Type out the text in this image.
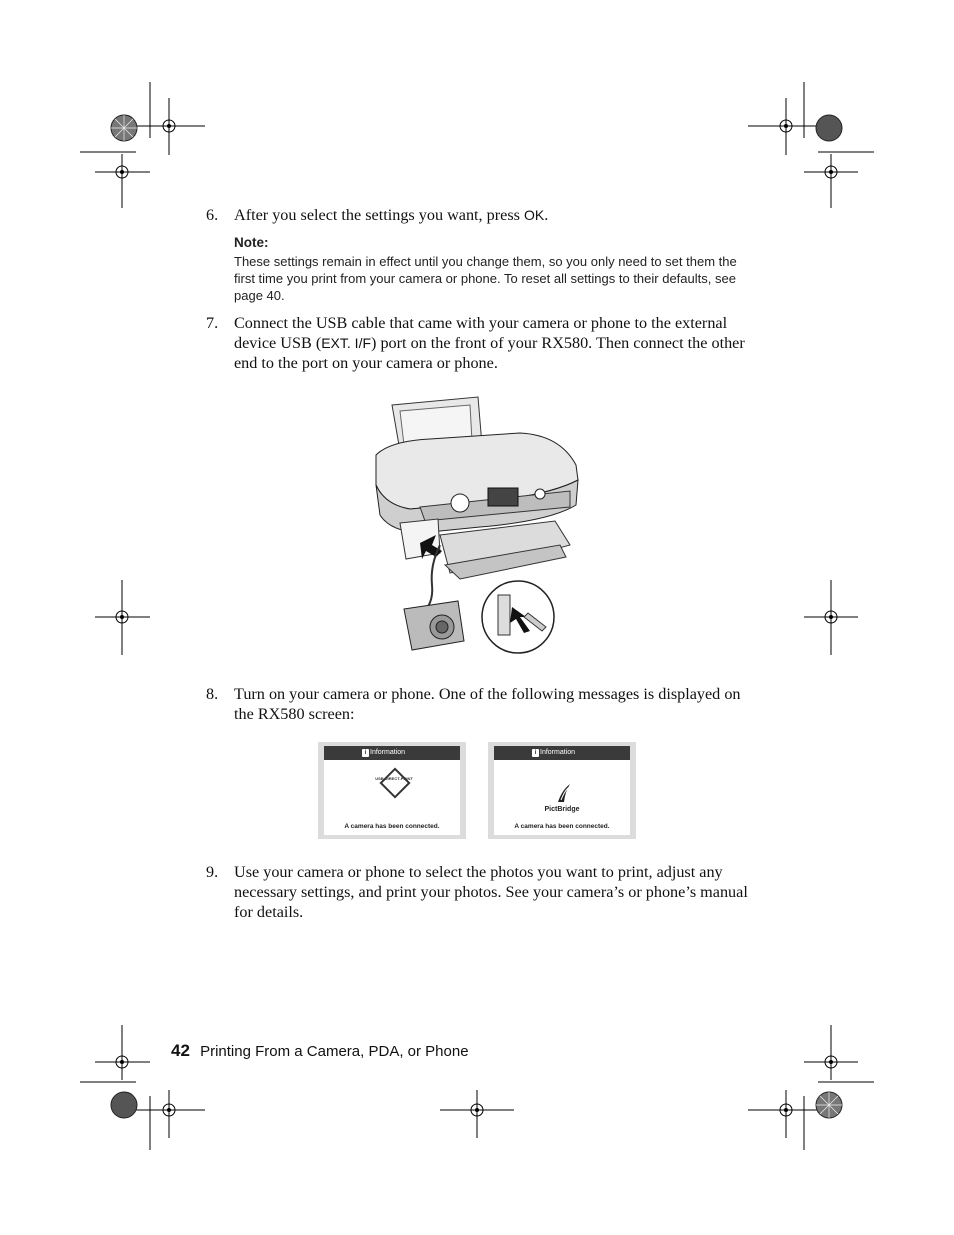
6. After you select the settings you want, press OK.
Note:
These settings remain in effect until you change them, so you only need to set them the first time you print from your camera or phone. To reset all settings to their defaults, see page 40.
7. Connect the USB cable that came with your camera or phone to the external device USB (EXT. I/F) port on the front of your RX580. Then connect the other end to the port on your camera or phone.
8. Turn on your camera or phone. One of the following messages is displayed on the RX580 screen:
i Information
USB DIRECT-PRINT
A camera has been connected.
i Information
PictBridge
A camera has been connected.
9. Use your camera or phone to select the photos you want to print, adjust any necessary settings, and print your photos. See your camera’s or phone’s manual for details.
42 Printing From a Camera, PDA, or Phone
